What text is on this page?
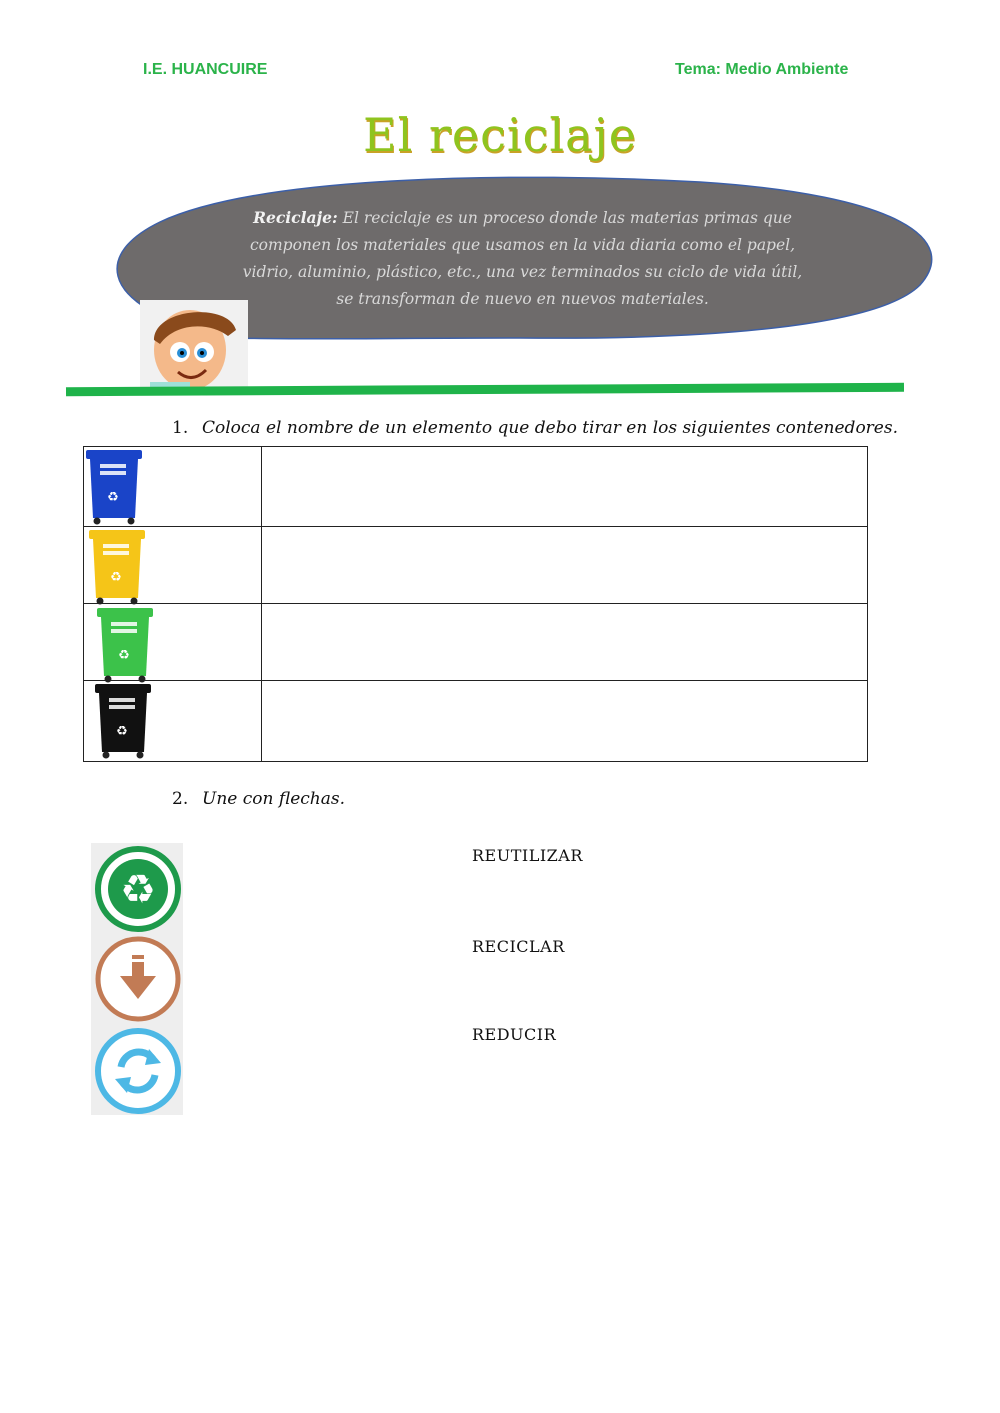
I.E. HUANCUIRE	Tema: Medio Ambiente
El reciclaje
Reciclaje: El reciclaje es un proceso donde las materias primas que componen los materiales que usamos en la vida diaria como el papel, vidrio, aluminio, plástico, etc., una vez terminados su ciclo de vida útil, se transforman de nuevo en nuevos materiales.
1. Coloca el nombre de un elemento que debo tirar en los siguientes contenedores.
♻
♻
♻
♻
2. Une con flechas.
REUTILIZAR
RECICLAR
REDUCIR
♻
